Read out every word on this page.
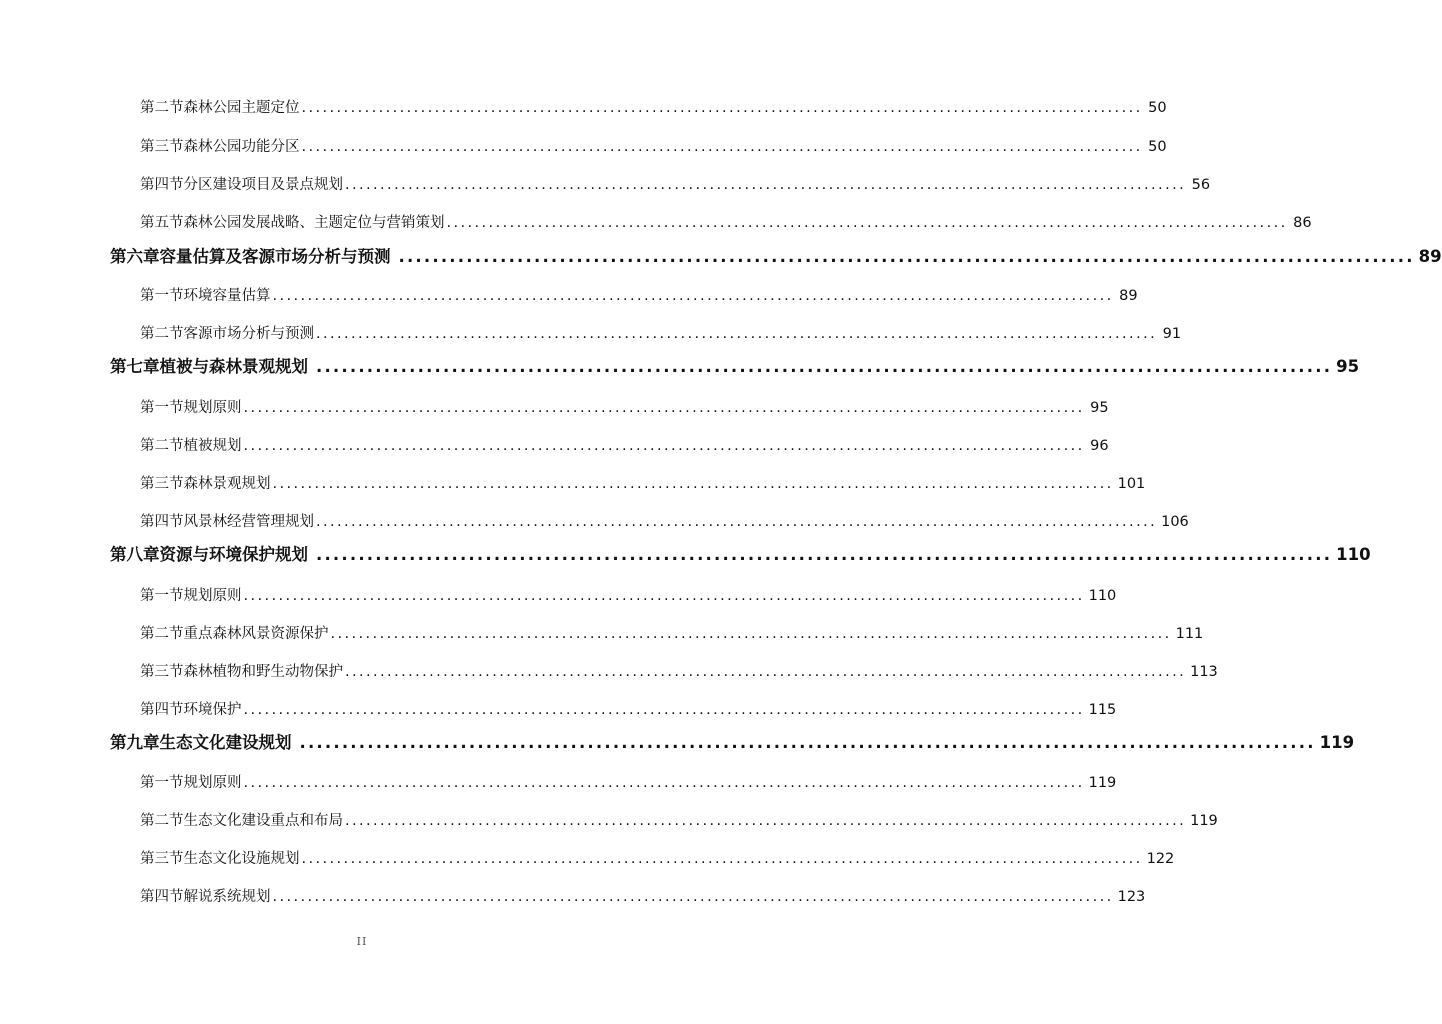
第二节 森林公园主题定位 ........................................................................................................................ 50
第三节 森林公园功能分区 ........................................................................................................................ 50
第四节 分区建设项目及景点规划 ........................................................................................................................ 56
第五节 森林公园发展战略、主题定位与营销策划 ........................................................................................................................ 86
第六章 容量估算及客源市场分析与预测 ........................................................................................................................ 89
第一节 环境容量估算 ........................................................................................................................ 89
第二节 客源市场分析与预测 ........................................................................................................................ 91
第七章 植被与森林景观规划 ........................................................................................................................ 95
第一节 规划原则 ........................................................................................................................ 95
第二节 植被规划 ........................................................................................................................ 96
第三节 森林景观规划 ........................................................................................................................ 101
第四节 风景林经营管理规划 ........................................................................................................................ 106
第八章 资源与环境保护规划 ........................................................................................................................ 110
第一节 规划原则 ........................................................................................................................ 110
第二节 重点森林风景资源保护 ........................................................................................................................ 111
第三节 森林植物和野生动物保护 ........................................................................................................................ 113
第四节 环境保护 ........................................................................................................................ 115
第九章 生态文化建设规划 ........................................................................................................................ 119
第一节 规划原则 ........................................................................................................................ 119
第二节 生态文化建设重点和布局 ........................................................................................................................ 119
第三节 生态文化设施规划 ........................................................................................................................ 122
第四节 解说系统规划 ........................................................................................................................ 123
II
